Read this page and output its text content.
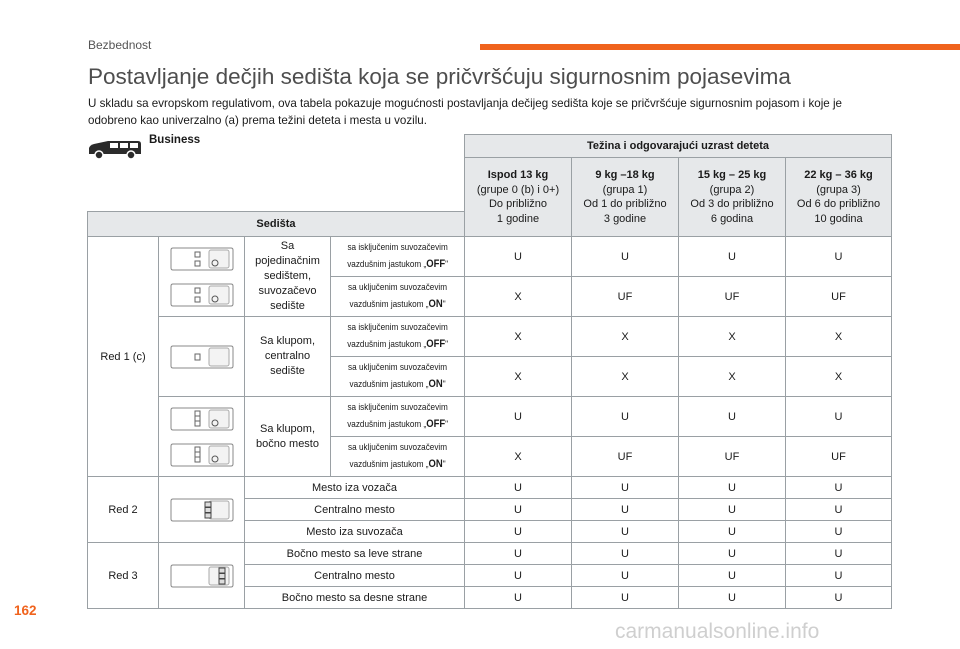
Bezbednost
Postavljanje dečjih sedišta koja se pričvršćuju sigurnosnim pojasevima
U skladu sa evropskom regulativom, ova tabela pokazuje mogućnosti postavljanja dečijeg sedišta koje se pričvršćuje sigurnosnim pojasom i koje je odobreno kao univerzalno (a) prema težini deteta i mesta u vozilu.
Business
				Težina i odgovarajući uzrast deteta			
				Ispod 13 kg
(grupe 0 (b) i 0+)
Do približno
1 godine	9 kg –18 kg
(grupa 1)
Od 1 do približno
3 godine	15 kg – 25 kg
(grupa 2)
Od 3 do približno
6 godina	22 kg – 36 kg
(grupa 3)
Od 6 do približno
10 godina
Sedišta							
Red 1 (c)		Sa
pojedinačnim
sedištem,
suvozačevo
sedište	sa isključenim suvozačevim
vazdušnim jastukom „OFF"	U	U	U	U
			sa uključenim suvozačevim
vazdušnim jastukom „ON"	X	UF	UF	UF

	Sa klupom,
centralno
sedište	sa isključenim suvozačevim
vazdušnim jastukom „OFF"	X	X	X	X
			sa uključenim suvozačevim
vazdušnim jastukom „ON"	X	X	X	X

	Sa klupom,
bočno mesto	sa isključenim suvozačevim
vazdušnim jastukom „OFF"	U	U	U	U
			sa uključenim suvozačevim
vazdušnim jastukom „ON"	X	UF	UF	UF
Red 2		Mesto iza vozača		U	U	U	U
		Centralno mesto		U	U	U	U
		Mesto iza suvozača		U	U	U	U
Red 3		Bočno mesto sa leve strane		U	U	U	U
		Centralno mesto		U	U	U	U
		Bočno mesto sa desne strane		U	U	U	U
162
carmanualsonline.info
